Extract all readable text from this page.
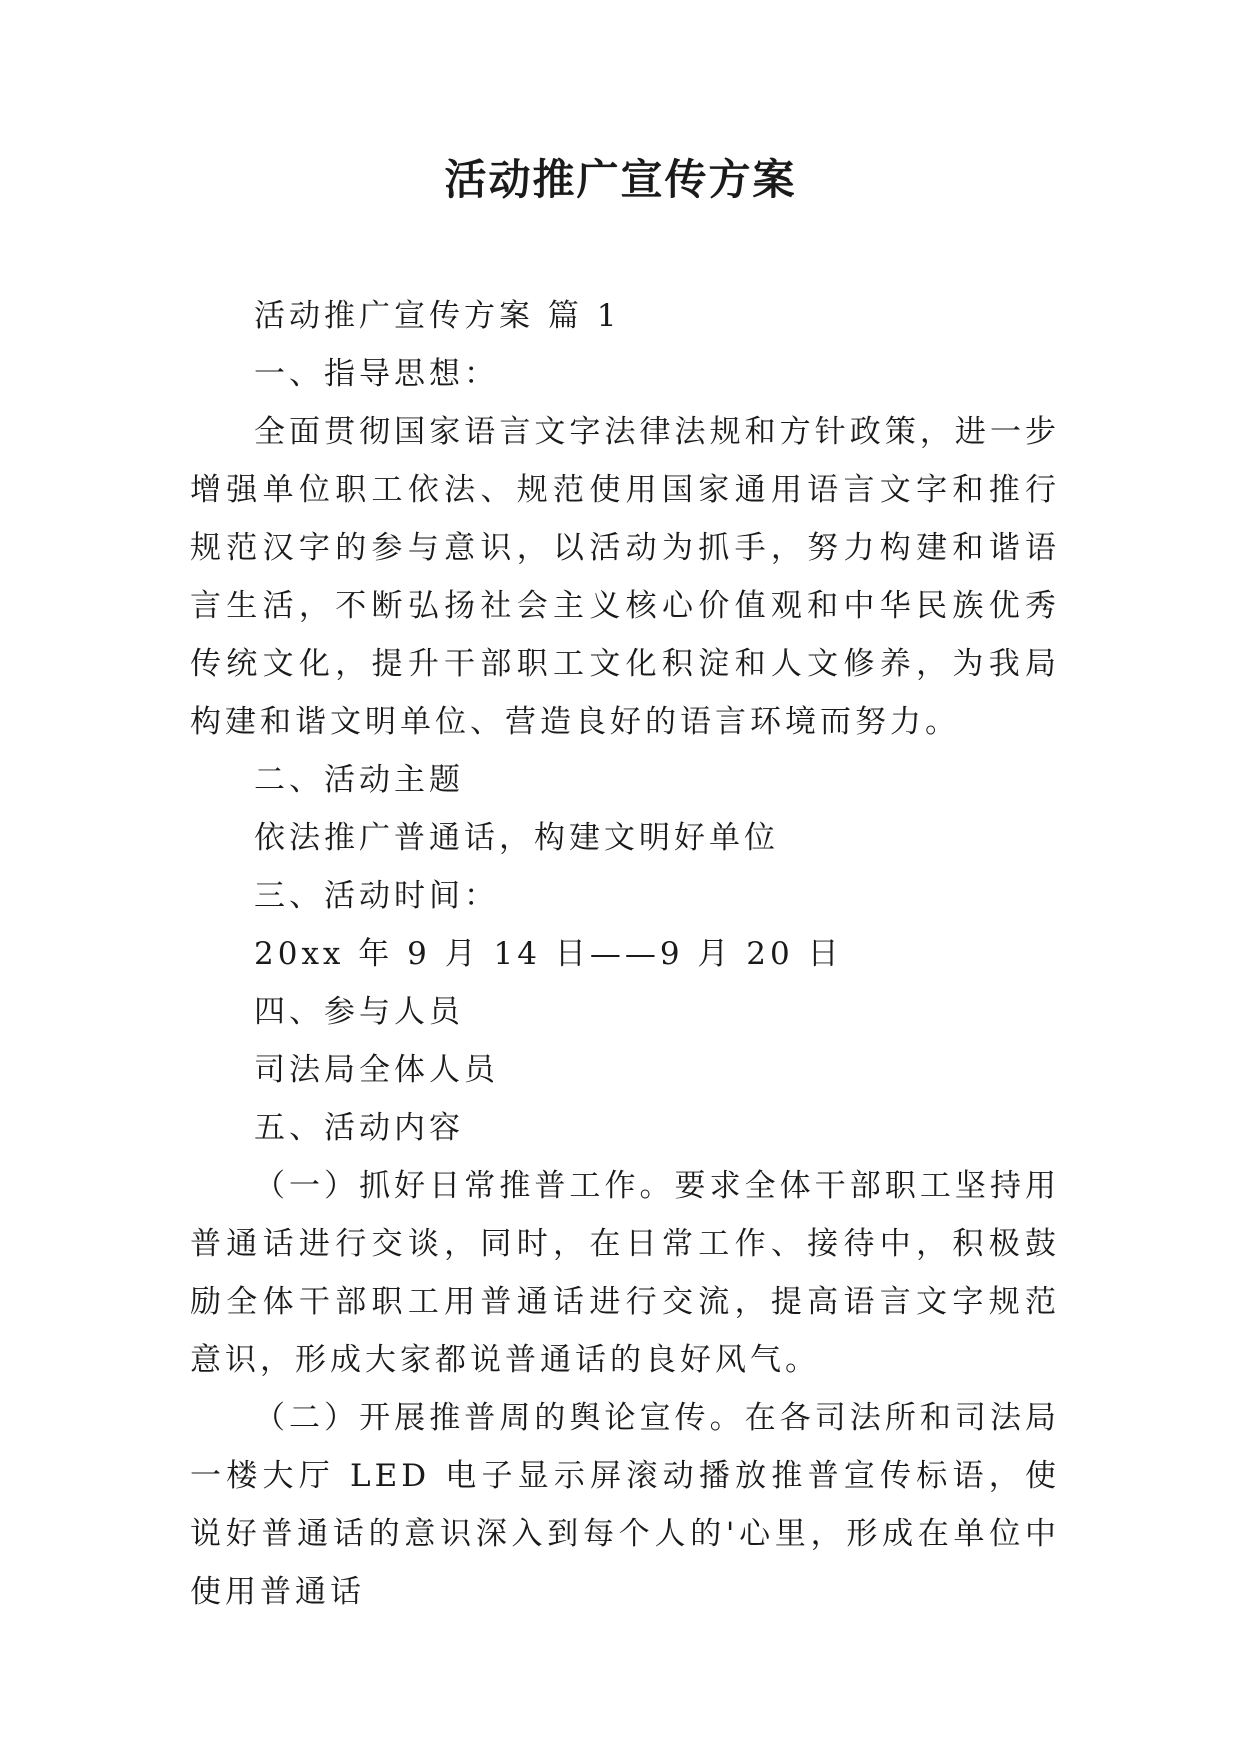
活动推广宣传方案

活动推广宣传方案 篇 1

一、指导思想：

全面贯彻国家语言文字法律法规和方针政策，进一步增强单位职工依法、规范使用国家通用语言文字和推行规范汉字的参与意识，以活动为抓手，努力构建和谐语言生活，不断弘扬社会主义核心价值观和中华民族优秀传统文化，提升干部职工文化积淀和人文修养，为我局构建和谐文明单位、营造良好的语言环境而努力。

二、活动主题

依法推广普通话，构建文明好单位

三、活动时间：

20xx 年 9 月 14 日——9 月 20 日

四、参与人员

司法局全体人员

五、活动内容

（一）抓好日常推普工作。要求全体干部职工坚持用普通话进行交谈，同时，在日常工作、接待中，积极鼓励全体干部职工用普通话进行交流，提高语言文字规范意识，形成大家都说普通话的良好风气。

（二）开展推普周的舆论宣传。在各司法所和司法局一楼大厅 LED 电子显示屏滚动播放推普宣传标语，使说好普通话的意识深入到每个人的'心里，形成在单位中使用普通话
